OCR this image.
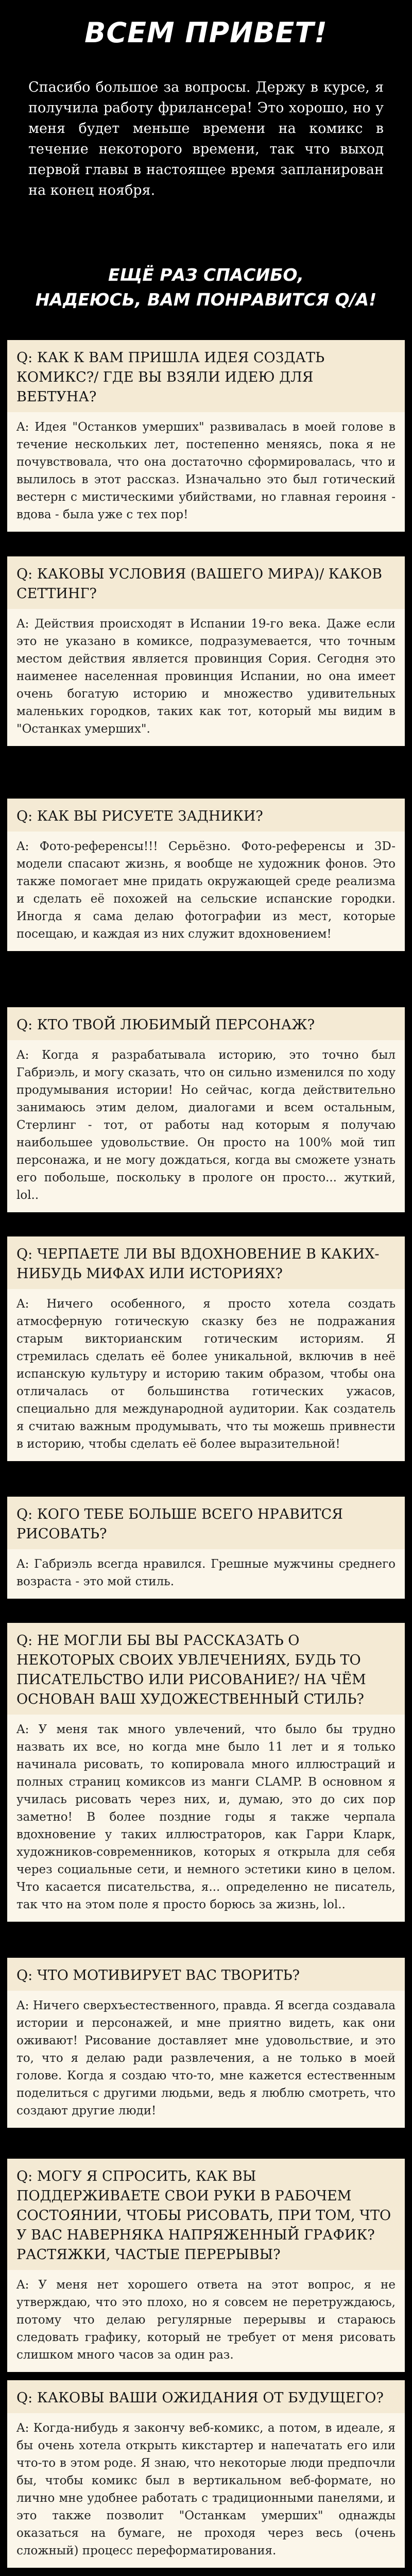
ВСЕМ ПРИВЕТ!
Спасибо большое за вопросы. Держу в курсе, я получила работу фрилансера! Это хорошо, но у меня будет меньше времени на комикс в течение некоторого времени, так что выход первой главы в настоящее время запланирован на конец ноября.
ЕЩЁ РАЗ СПАСИБО,
НАДЕЮСЬ, ВАМ ПОНРАВИТСЯ Q/A!
Q: КАК К ВАМ ПРИШЛА ИДЕЯ СОЗДАТЬ КОМИКС?/ ГДЕ ВЫ ВЗЯЛИ ИДЕЮ ДЛЯ ВЕБТУНА?
A: Идея "Останков умерших" развивалась в моей голове в течение нескольких лет, постепенно меняясь, пока я не почувствовала, что она достаточно сформировалась, что и вылилось в этот рассказ. Изначально это был готический вестерн с мистическими убийствами, но главная героиня - вдова - была уже с тех пор!
Q: КАКОВЫ УСЛОВИЯ (ВАШЕГО МИРА)/ КАКОВ СЕТТИНГ?
A: Действия происходят в Испании 19-го века. Даже если это не указано в комиксе, подразумевается, что точным местом действия является провинция Сория. Сегодня это наименее населенная провинция Испании, но она имеет очень богатую историю и множество удивительных маленьких городков, таких как тот, который мы видим в "Останках умерших".
Q: КАК ВЫ РИСУЕТЕ ЗАДНИКИ?
A: Фото-референсы!!! Серьёзно. Фото-референсы и 3D-модели спасают жизнь, я вообще не художник фонов. Это также помогает мне придать окружающей среде реализма и сделать её похожей на сельские испанские городки. Иногда я сама делаю фотографии из мест, которые посещаю, и каждая из них служит вдохновением!
Q: КТО ТВОЙ ЛЮБИМЫЙ ПЕРСОНАЖ?
A: Когда я разрабатывала историю, это точно был Габриэль, и могу сказать, что он сильно изменился по ходу продумывания истории! Но сейчас, когда действительно занимаюсь этим делом, диалогами и всем остальным, Стерлинг - тот, от работы над которым я получаю наибольшее удовольствие. Он просто на 100% мой тип персонажа, и не могу дождаться, когда вы сможете узнать его побольше, поскольку в прологе он просто... жуткий, lol..
Q: ЧЕРПАЕТЕ ЛИ ВЫ ВДОХНОВЕНИЕ В КАКИХ-НИБУДЬ МИФАХ ИЛИ ИСТОРИЯХ?
A: Ничего особенного, я просто хотела создать атмосферную готическую сказку без не подражания старым викторианским готическим историям. Я стремилась сделать её более уникальной, включив в неё испанскую культуру и историю таким образом, чтобы она отличалась от большинства готических ужасов, специально для международной аудитории. Как создатель я считаю важным продумывать, что ты можешь привнести в историю, чтобы сделать её более выразительной!
Q: КОГО ТЕБЕ БОЛЬШЕ ВСЕГО НРАВИТСЯ РИСОВАТЬ?
A: Габриэль всегда нравился. Грешные мужчины среднего возраста - это мой стиль.
Q: НЕ МОГЛИ БЫ ВЫ РАССКАЗАТЬ О НЕКОТОРЫХ СВОИХ УВЛЕЧЕНИЯХ, БУДЬ ТО ПИСАТЕЛЬСТВО ИЛИ РИСОВАНИЕ?/ НА ЧЁМ ОСНОВАН ВАШ ХУДОЖЕСТВЕННЫЙ СТИЛЬ?
A: У меня так много увлечений, что было бы трудно назвать их все, но когда мне было 11 лет и я только начинала рисовать, то копировала много иллюстраций и полных страниц комиксов из манги CLAMP. В основном я училась рисовать через них, и, думаю, это до сих пор заметно! В более поздние годы я также черпала вдохновение у таких иллюстраторов, как Гарри Кларк, художников-современников, которых я открыла для себя через социальные сети, и немного эстетики кино в целом. Что касается писательства, я... определенно не писатель, так что на этом поле я просто борюсь за жизнь, lol..
Q: ЧТО МОТИВИРУЕТ ВАС ТВОРИТЬ?
A: Ничего сверхъестественного, правда. Я всегда создавала истории и персонажей, и мне приятно видеть, как они оживают! Рисование доставляет мне удовольствие, и это то, что я делаю ради развлечения, а не только в моей голове. Когда я создаю что-то, мне кажется естественным поделиться с другими людьми, ведь я люблю смотреть, что создают другие люди!
Q: МОГУ Я СПРОСИТЬ, КАК ВЫ ПОДДЕРЖИВАЕТЕ СВОИ РУКИ В РАБОЧЕМ СОСТОЯНИИ, ЧТОБЫ РИСОВАТЬ, ПРИ ТОМ, ЧТО У ВАС НАВЕРНЯКА НАПРЯЖЕННЫЙ ГРАФИК? РАСТЯЖКИ, ЧАСТЫЕ ПЕРЕРЫВЫ?
A: У меня нет хорошего ответа на этот вопрос, я не утверждаю, что это плохо, но я совсем не перетруждаюсь, потому что делаю регулярные перерывы и стараюсь следовать графику, который не требует от меня рисовать слишком много часов за один раз.
Q: КАКОВЫ ВАШИ ОЖИДАНИЯ ОТ БУДУЩЕГО?
A: Когда-нибудь я закончу веб-комикс, а потом, в идеале, я бы очень хотела открыть кикстартер и напечатать его или что-то в этом роде. Я знаю, что некоторые люди предпочли бы, чтобы комикс был в вертикальном веб-формате, но лично мне удобнее работать с традиционными панелями, и это также позволит "Останкам умерших" однажды оказаться на бумаге, не проходя через весь (очень сложный) процесс переформатирования.
